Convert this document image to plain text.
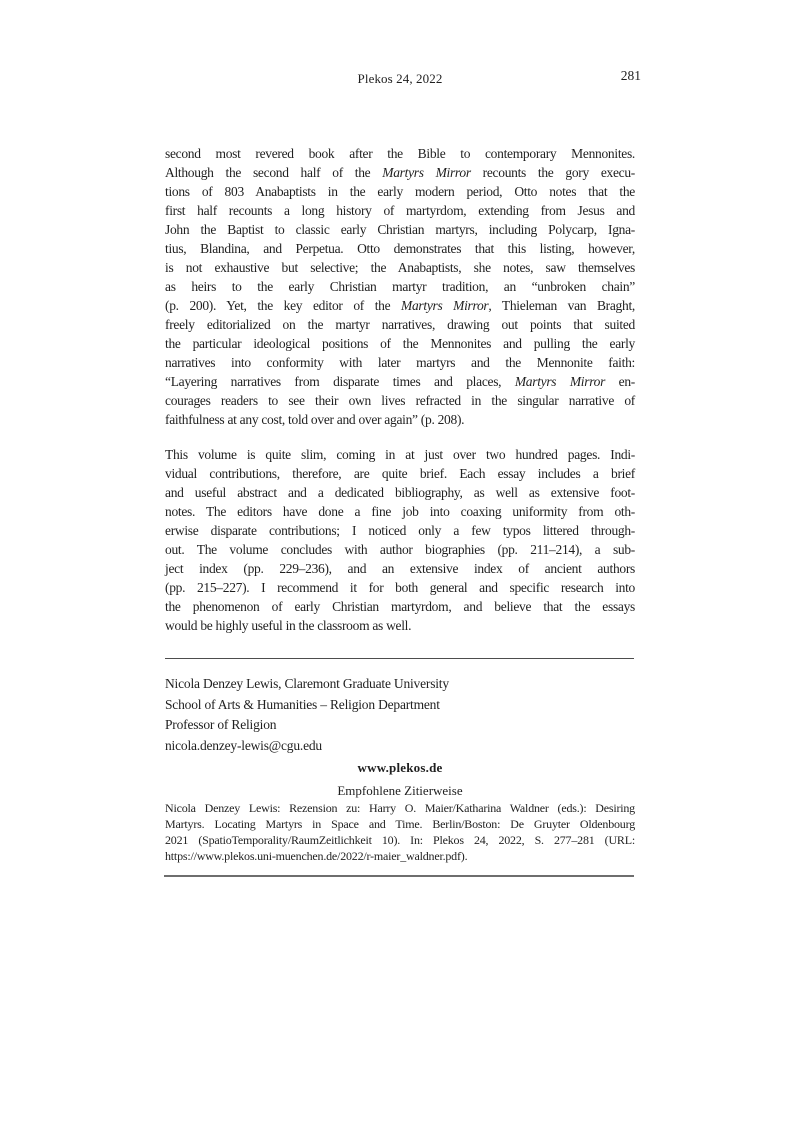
Plekos 24, 2022	281
second most revered book after the Bible to contemporary Mennonites.
Although the second half of the Martyrs Mirror recounts the gory execu-
tions of 803 Anabaptists in the early modern period, Otto notes that the
first half recounts a long history of martyrdom, extending from Jesus and
John the Baptist to classic early Christian martyrs, including Polycarp, Igna-
tius, Blandina, and Perpetua. Otto demonstrates that this listing, however,
is not exhaustive but selective; the Anabaptists, she notes, saw themselves
as heirs to the early Christian martyr tradition, an “unbroken chain”
(p. 200). Yet, the key editor of the Martyrs Mirror, Thieleman van Braght,
freely editorialized on the martyr narratives, drawing out points that suited
the particular ideological positions of the Mennonites and pulling the early
narratives into conformity with later martyrs and the Mennonite faith:
“Layering narratives from disparate times and places, Martyrs Mirror en-
courages readers to see their own lives refracted in the singular narrative of
faithfulness at any cost, told over and over again” (p. 208).
This volume is quite slim, coming in at just over two hundred pages. Indi-
vidual contributions, therefore, are quite brief. Each essay includes a brief
and useful abstract and a dedicated bibliography, as well as extensive foot-
notes. The editors have done a fine job into coaxing uniformity from oth-
erwise disparate contributions; I noticed only a few typos littered through-
out. The volume concludes with author biographies (pp. 211–214), a sub-
ject index (pp. 229–236), and an extensive index of ancient authors
(pp. 215–227). I recommend it for both general and specific research into
the phenomenon of early Christian martyrdom, and believe that the essays
would be highly useful in the classroom as well.
Nicola Denzey Lewis, Claremont Graduate University
School of Arts & Humanities – Religion Department
Professor of Religion
nicola.denzey-lewis@cgu.edu
www.plekos.de
Empfohlene Zitierweise
Nicola Denzey Lewis: Rezension zu: Harry O. Maier/Katharina Waldner (eds.): Desiring
Martyrs. Locating Martyrs in Space and Time. Berlin/Boston: De Gruyter Oldenbourg
2021 (SpatioTemporality/RaumZeitlichkeit 10). In: Plekos 24, 2022, S. 277–281 (URL:
https://www.plekos.uni-muenchen.de/2022/r-maier_waldner.pdf).
